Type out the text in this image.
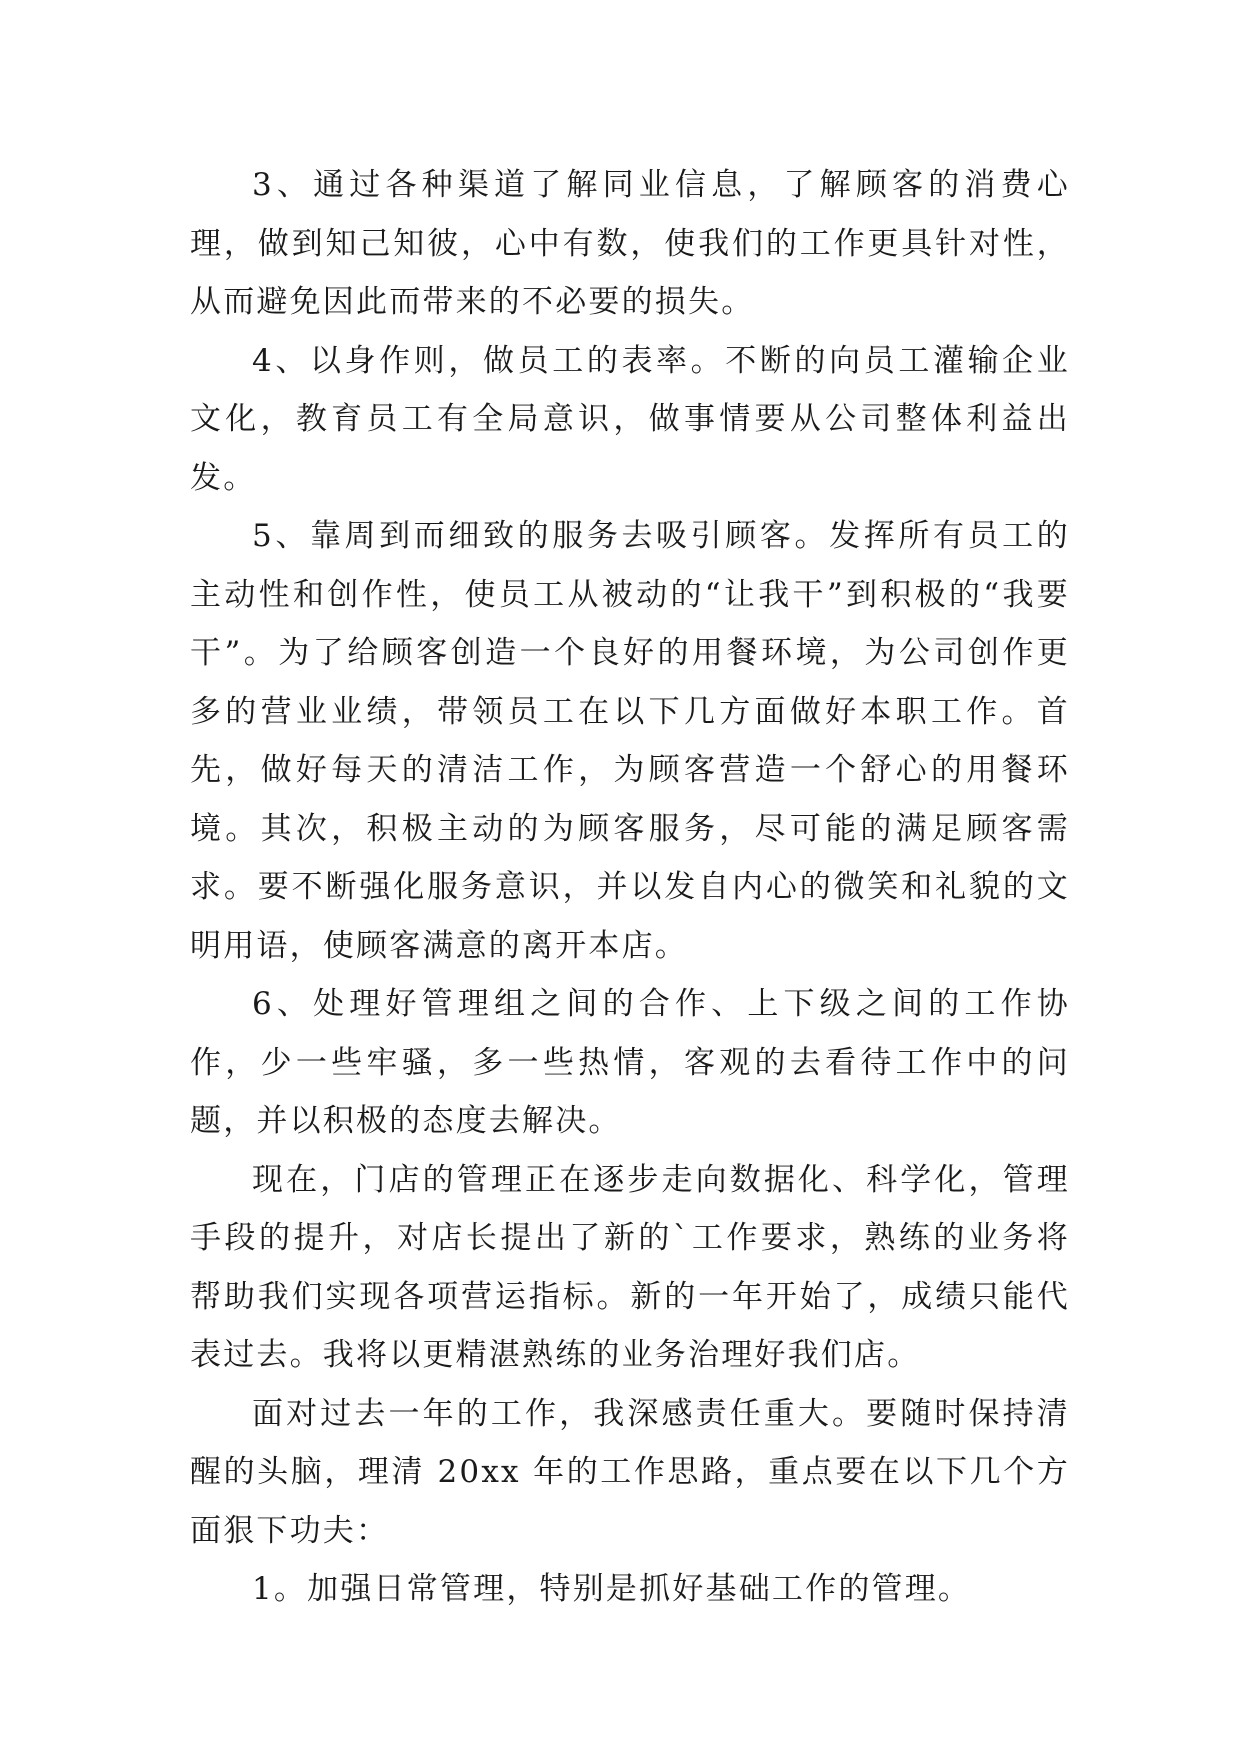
3、通过各种渠道了解同业信息，了解顾客的消费心理，做到知己知彼，心中有数，使我们的工作更具针对性，从而避免因此而带来的不必要的损失。

4、以身作则，做员工的表率。不断的向员工灌输企业文化，教育员工有全局意识，做事情要从公司整体利益出发。

5、靠周到而细致的服务去吸引顾客。发挥所有员工的主动性和创作性，使员工从被动的“让我干”到积极的“我要干”。为了给顾客创造一个良好的用餐环境，为公司创作更多的营业业绩，带领员工在以下几方面做好本职工作。首先，做好每天的清洁工作，为顾客营造一个舒心的用餐环境。其次，积极主动的为顾客服务，尽可能的满足顾客需求。要不断强化服务意识，并以发自内心的微笑和礼貌的文明用语，使顾客满意的离开本店。

6、处理好管理组之间的合作、上下级之间的工作协作，少一些牢骚，多一些热情，客观的去看待工作中的问题，并以积极的态度去解决。

现在，门店的管理正在逐步走向数据化、科学化，管理手段的提升，对店长提出了新的`工作要求，熟练的业务将帮助我们实现各项营运指标。新的一年开始了，成绩只能代表过去。我将以更精湛熟练的业务治理好我们店。

面对过去一年的工作，我深感责任重大。要随时保持清醒的头脑，理清 20xx 年的工作思路，重点要在以下几个方面狠下功夫：

1。加强日常管理，特别是抓好基础工作的管理。
